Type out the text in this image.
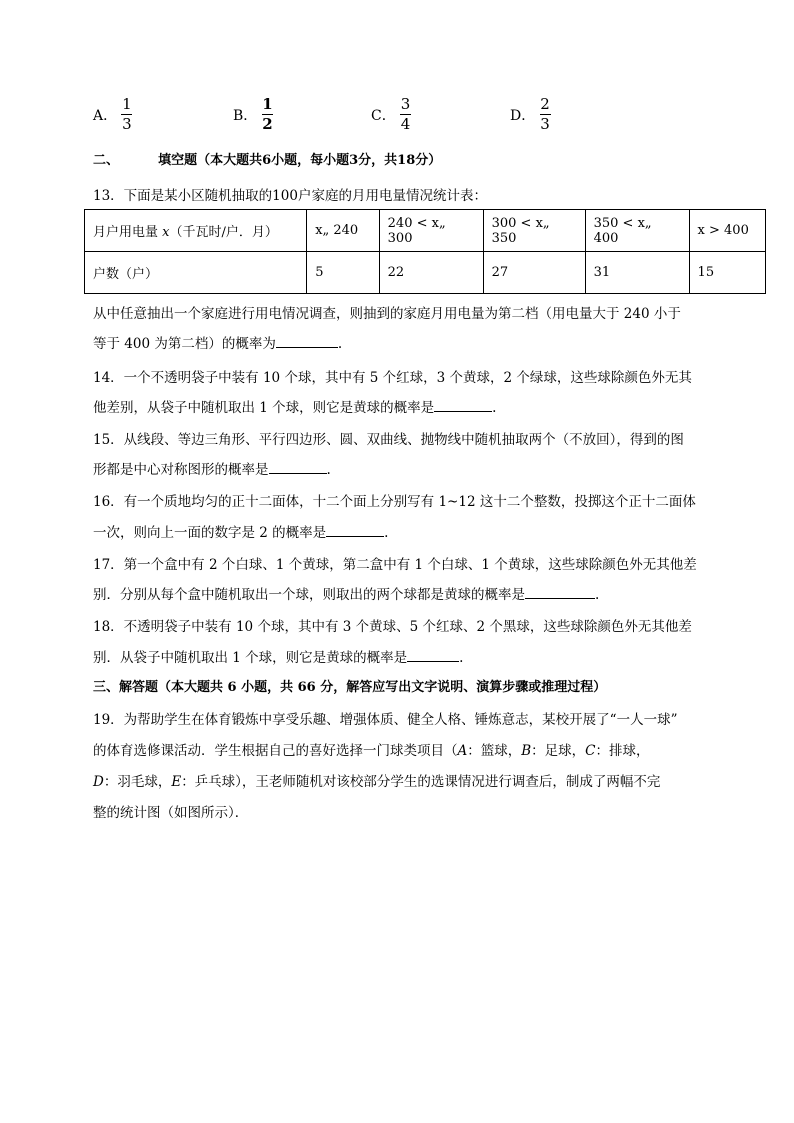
A． $\frac{1}{3}$	B． $\frac{1}{2}$	C． $\frac{3}{4}$	D． $\frac{2}{3}$
二、	填空题（本大题共6小题，每小题3分，共18分）
13．下面是某小区随机抽取的100户家庭的月用电量情况统计表：
月户用电量 x（千瓦时/户．月）	x„ 240	240 < x„ 300	300 < x„ 350	350 < x„ 400	x > 400
户数（户）	5	22	27	31	15
从中任意抽出一个家庭进行用电情况调查，则抽到的家庭月用电量为第二档（用电量大于 240 小于
等于 400 为第二档）的概率为	.
14．一个不透明袋子中装有 10 个球，其中有 5 个红球，3 个黄球，2 个绿球，这些球除颜色外无其
他差别，从袋子中随机取出 1 个球，则它是黄球的概率是	.
15．从线段、等边三角形、平行四边形、圆、双曲线、抛物线中随机抽取两个（不放回），得到的图
形都是中心对称图形的概率是	.
16．有一个质地均匀的正十二面体，十二个面上分别写有 1~12 这十二个整数，投掷这个正十二面体
一次，则向上一面的数字是 2 的概率是	.
17．第一个盒中有 2 个白球、1 个黄球，第二盒中有 1 个白球、1 个黄球，这些球除颜色外无其他差
别．分别从每个盒中随机取出一个球，则取出的两个球都是黄球的概率是	.
18．不透明袋子中装有 10 个球，其中有 3 个黄球、5 个红球、2 个黑球，这些球除颜色外无其他差
别．从袋子中随机取出 1 个球，则它是黄球的概率是	.
三、解答题（本大题共 6 小题，共 66 分，解答应写出文字说明、演算步骤或推理过程）
19．为帮助学生在体育锻炼中享受乐趣、增强体质、健全人格、锤炼意志，某校开展了“一人一球”
的体育选修课活动．学生根据自己的喜好选择一门球类项目（A：篮球，B：足球，C：排球，
D：羽毛球，E：乒乓球），王老师随机对该校部分学生的选课情况进行调查后，制成了两幅不完
整的统计图（如图所示）．
